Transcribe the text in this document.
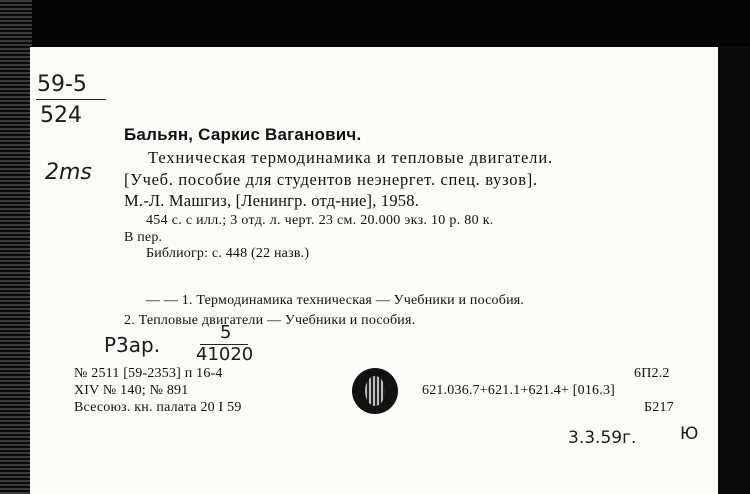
59-5
524
2ms
Бальян, Саркис Ваганович.
Техническая термодинамика и тепловые двигатели.
[Учеб. пособие для студентов неэнергет. спец. вузов].
М.-Л. Машгиз, [Ленингр. отд-ние], 1958.
454 с. с илл.; 3 отд. л. черт. 23 см. 20.000 экз. 10 р. 80 к.
В пер.
Библиогр: с. 448 (22 назв.)
— — 1. Термодинамика техническая — Учебники и пособия.
2. Тепловые двигатели — Учебники и пособия.
Р3ар.
5
41020
№ 2511 [59-2353] п 16-4
XIV № 140; № 891
Всесоюз. кн. палата 20 I 59
6П2.2
621.036.7+621.1+621.4+ [016.3]
Б217
3.3.59г.	Ю
